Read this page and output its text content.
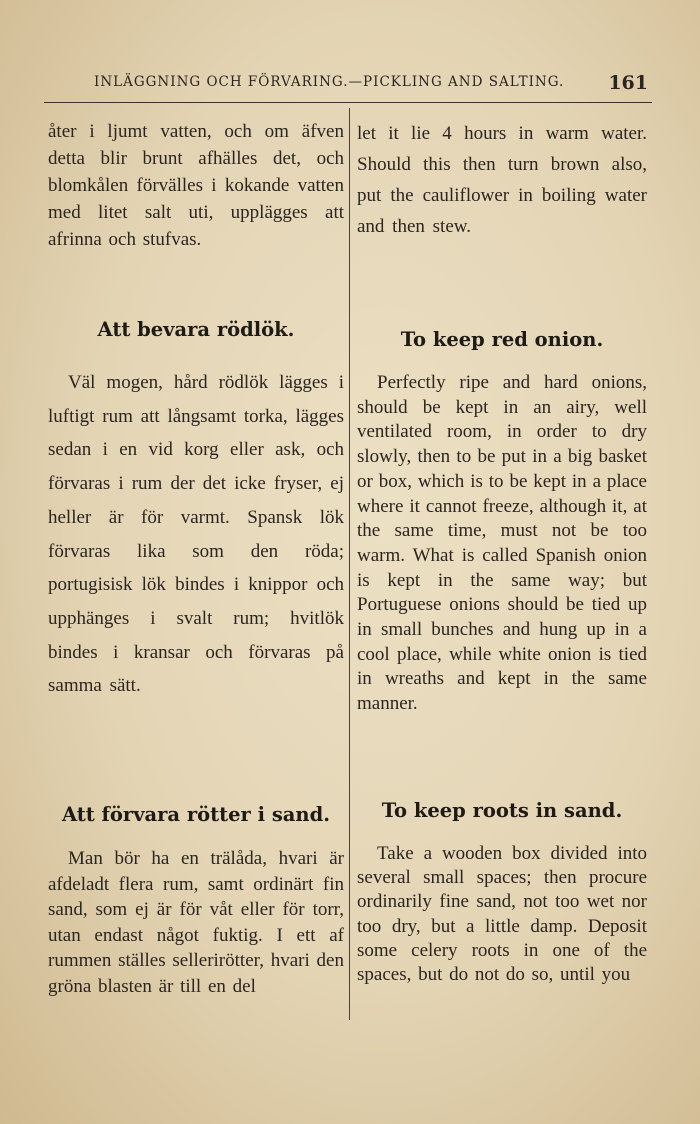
INLÄGGNING OCH FÖRVARING.—PICKLING AND SALTING. 161

åter i ljumt vatten, och om äfven detta blir brunt afhälles det, och blomkålen förvälles i kokande vatten med litet salt uti, upplägges att afrinna och stufvas.

Att bevara rödlök.

Väl mogen, hård rödlök lägges i luftigt rum att långsamt torka, lägges sedan i en vid korg eller ask, och förvaras i rum der det icke fryser, ej heller är för varmt. Spansk lök förvaras lika som den röda; portugisisk lök bindes i knippor och upphänges i svalt rum; hvitlök bindes i kransar och förvaras på samma sätt.

Att förvara rötter i sand.

Man bör ha en trälåda, hvari är afdeladt flera rum, samt ordinärt fin sand, som ej är för våt eller för torr, utan endast något fuktig. I ett af rummen ställes sellerirötter, hvari den gröna blasten är till en del

let it lie 4 hours in warm water. Should this then turn brown also, put the cauliflower in boiling water and then stew.

To keep red onion.

Perfectly ripe and hard onions, should be kept in an airy, well ventilated room, in order to dry slowly, then to be put in a big basket or box, which is to be kept in a place where it cannot freeze, although it, at the same time, must not be too warm. What is called Spanish onion is kept in the same way; but Portuguese onions should be tied up in small bunches and hung up in a cool place, while white onion is tied in wreaths and kept in the same manner.

To keep roots in sand.

Take a wooden box divided into several small spaces; then procure ordinarily fine sand, not too wet nor too dry, but a little damp. Deposit some celery roots in one of the spaces, but do not do so, until you
